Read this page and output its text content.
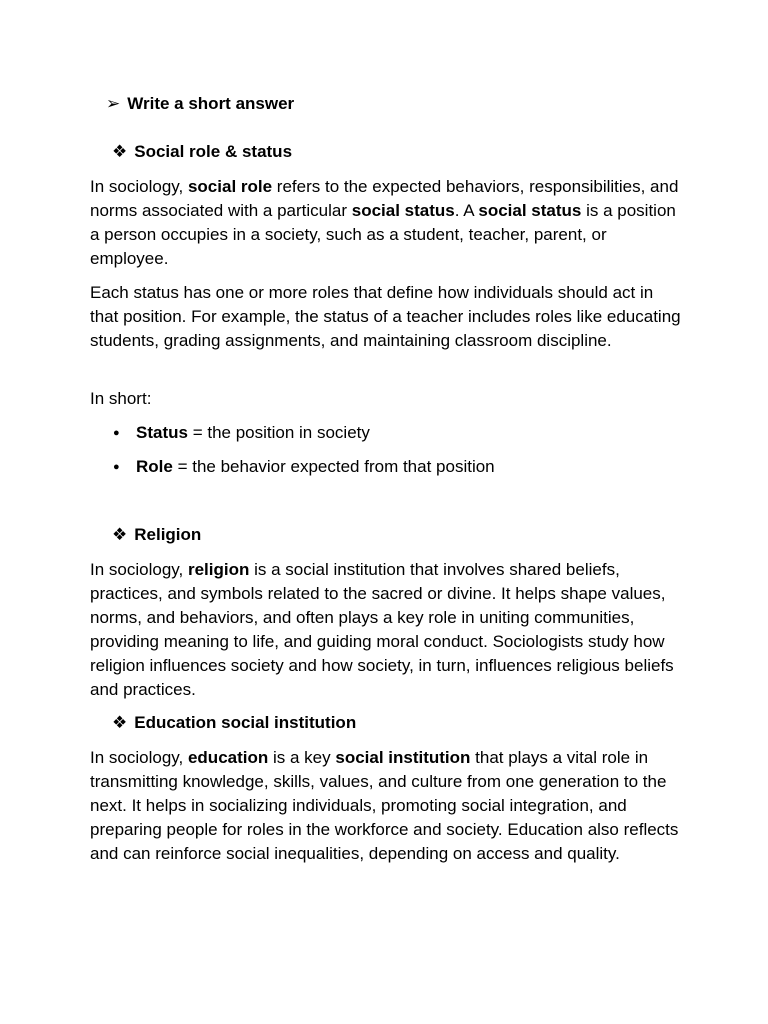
➢ Write a short answer
❖ Social role & status

In sociology, social role refers to the expected behaviors, responsibilities, and norms associated with a particular social status. A social status is a position a person occupies in a society, such as a student, teacher, parent, or employee.

Each status has one or more roles that define how individuals should act in that position. For example, the status of a teacher includes roles like educating students, grading assignments, and maintaining classroom discipline.

In short:

● Status = the position in society
● Role = the behavior expected from that position
❖ Religion

In sociology, religion is a social institution that involves shared beliefs, practices, and symbols related to the sacred or divine. It helps shape values, norms, and behaviors, and often plays a key role in uniting communities, providing meaning to life, and guiding moral conduct. Sociologists study how religion influences society and how society, in turn, influences religious beliefs and practices.

❖ Education social institution

In sociology, education is a key social institution that plays a vital role in transmitting knowledge, skills, values, and culture from one generation to the next. It helps in socializing individuals, promoting social integration, and preparing people for roles in the workforce and society. Education also reflects and can reinforce social inequalities, depending on access and quality.
